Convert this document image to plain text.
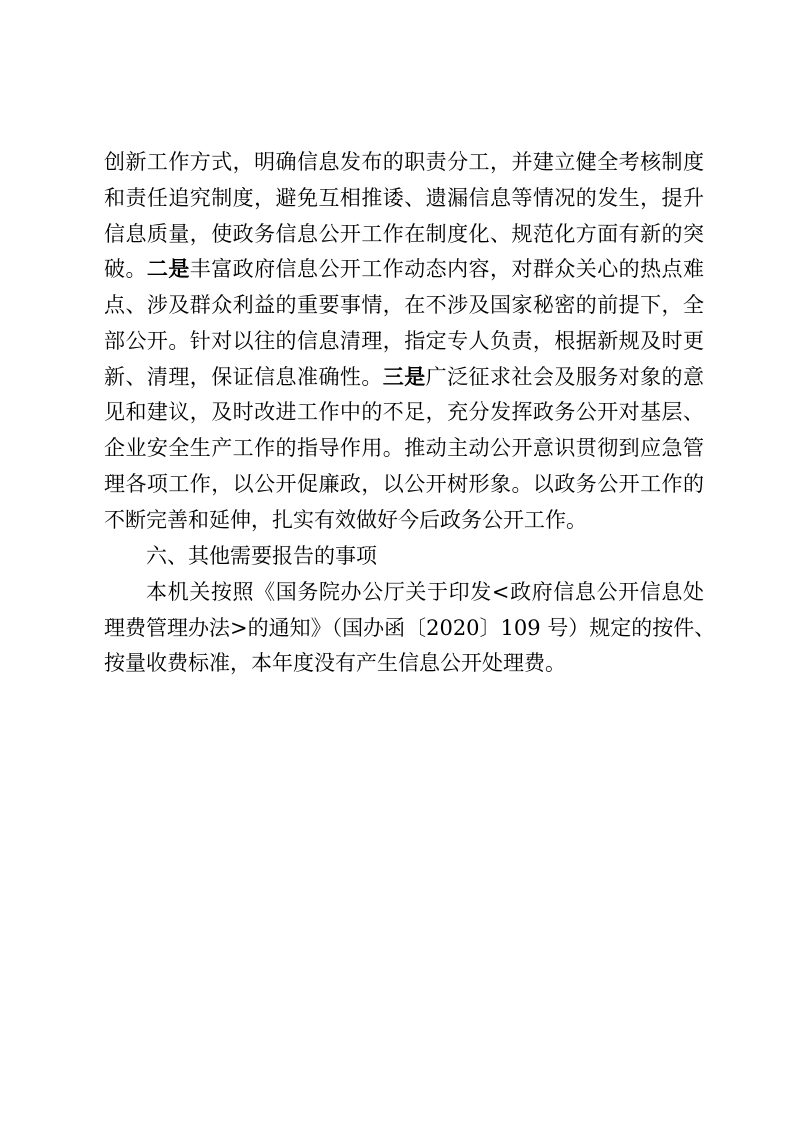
创新工作方式，明确信息发布的职责分工，并建立健全考核制度
和责任追究制度，避免互相推诿、遗漏信息等情况的发生，提升
信息质量，使政务信息公开工作在制度化、规范化方面有新的突
破。二是丰富政府信息公开工作动态内容，对群众关心的热点难
点、涉及群众利益的重要事情，在不涉及国家秘密的前提下，全
部公开。针对以往的信息清理，指定专人负责，根据新规及时更
新、清理，保证信息准确性。三是广泛征求社会及服务对象的意
见和建议，及时改进工作中的不足，充分发挥政务公开对基层、
企业安全生产工作的指导作用。推动主动公开意识贯彻到应急管
理各项工作，以公开促廉政，以公开树形象。以政务公开工作的
不断完善和延伸，扎实有效做好今后政务公开工作。
六、其他需要报告的事项
本机关按照《国务院办公厅关于印发<政府信息公开信息处
理费管理办法>的通知》（国办函〔2020〕109 号）规定的按件、
按量收费标准，本年度没有产生信息公开处理费。
